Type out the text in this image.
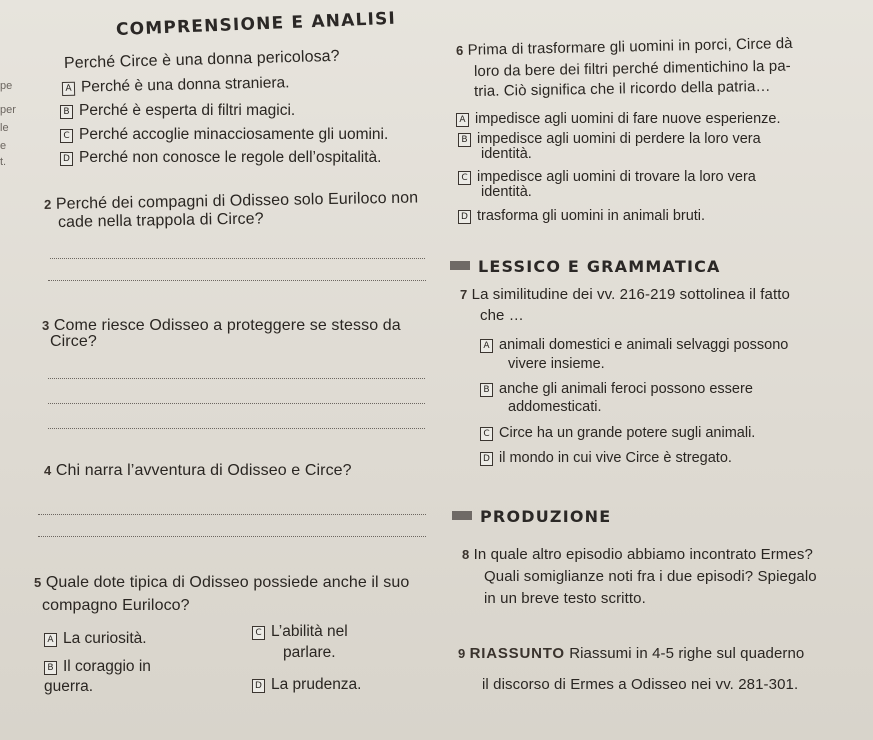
pe
per
le
e
t.
COMPRENSIONE E ANALISI
Perché Circe è una donna pericolosa?
A Perché è una donna straniera.
B Perché è esperta di filtri magici.
C Perché accoglie minacciosamente gli uomini.
D Perché non conosce le regole dell’ospitalità.
2 Perché dei compagni di Odisseo solo Euriloco non
cade nella trappola di Circe?
3 Come riesce Odisseo a proteggere se stesso da
Circe?
4 Chi narra l’avventura di Odisseo e Circe?
5 Quale dote tipica di Odisseo possiede anche il suo
compagno Euriloco?
A La curiosità.
B Il coraggio in
guerra.
C L’abilità nel
parlare.
D La prudenza.
6 Prima di trasformare gli uomini in porci, Circe dà
loro da bere dei filtri perché dimentichino la pa-
tria. Ciò significa che il ricordo della patria…
A impedisce agli uomini di fare nuove esperienze.
B impedisce agli uomini di perdere la loro vera
identità.
C impedisce agli uomini di trovare la loro vera
identità.
D trasforma gli uomini in animali bruti.
LESSICO E GRAMMATICA
7 La similitudine dei vv. 216-219 sottolinea il fatto
che …
A animali domestici e animali selvaggi possono
vivere insieme.
B anche gli animali feroci possono essere
addomesticati.
C Circe ha un grande potere sugli animali.
D il mondo in cui vive Circe è stregato.
PRODUZIONE
8 In quale altro episodio abbiamo incontrato Ermes?
Quali somiglianze noti fra i due episodi? Spiegalo
in un breve testo scritto.
9 RIASSUNTO Riassumi in 4-5 righe sul quaderno
il discorso di Ermes a Odisseo nei vv. 281-301.
